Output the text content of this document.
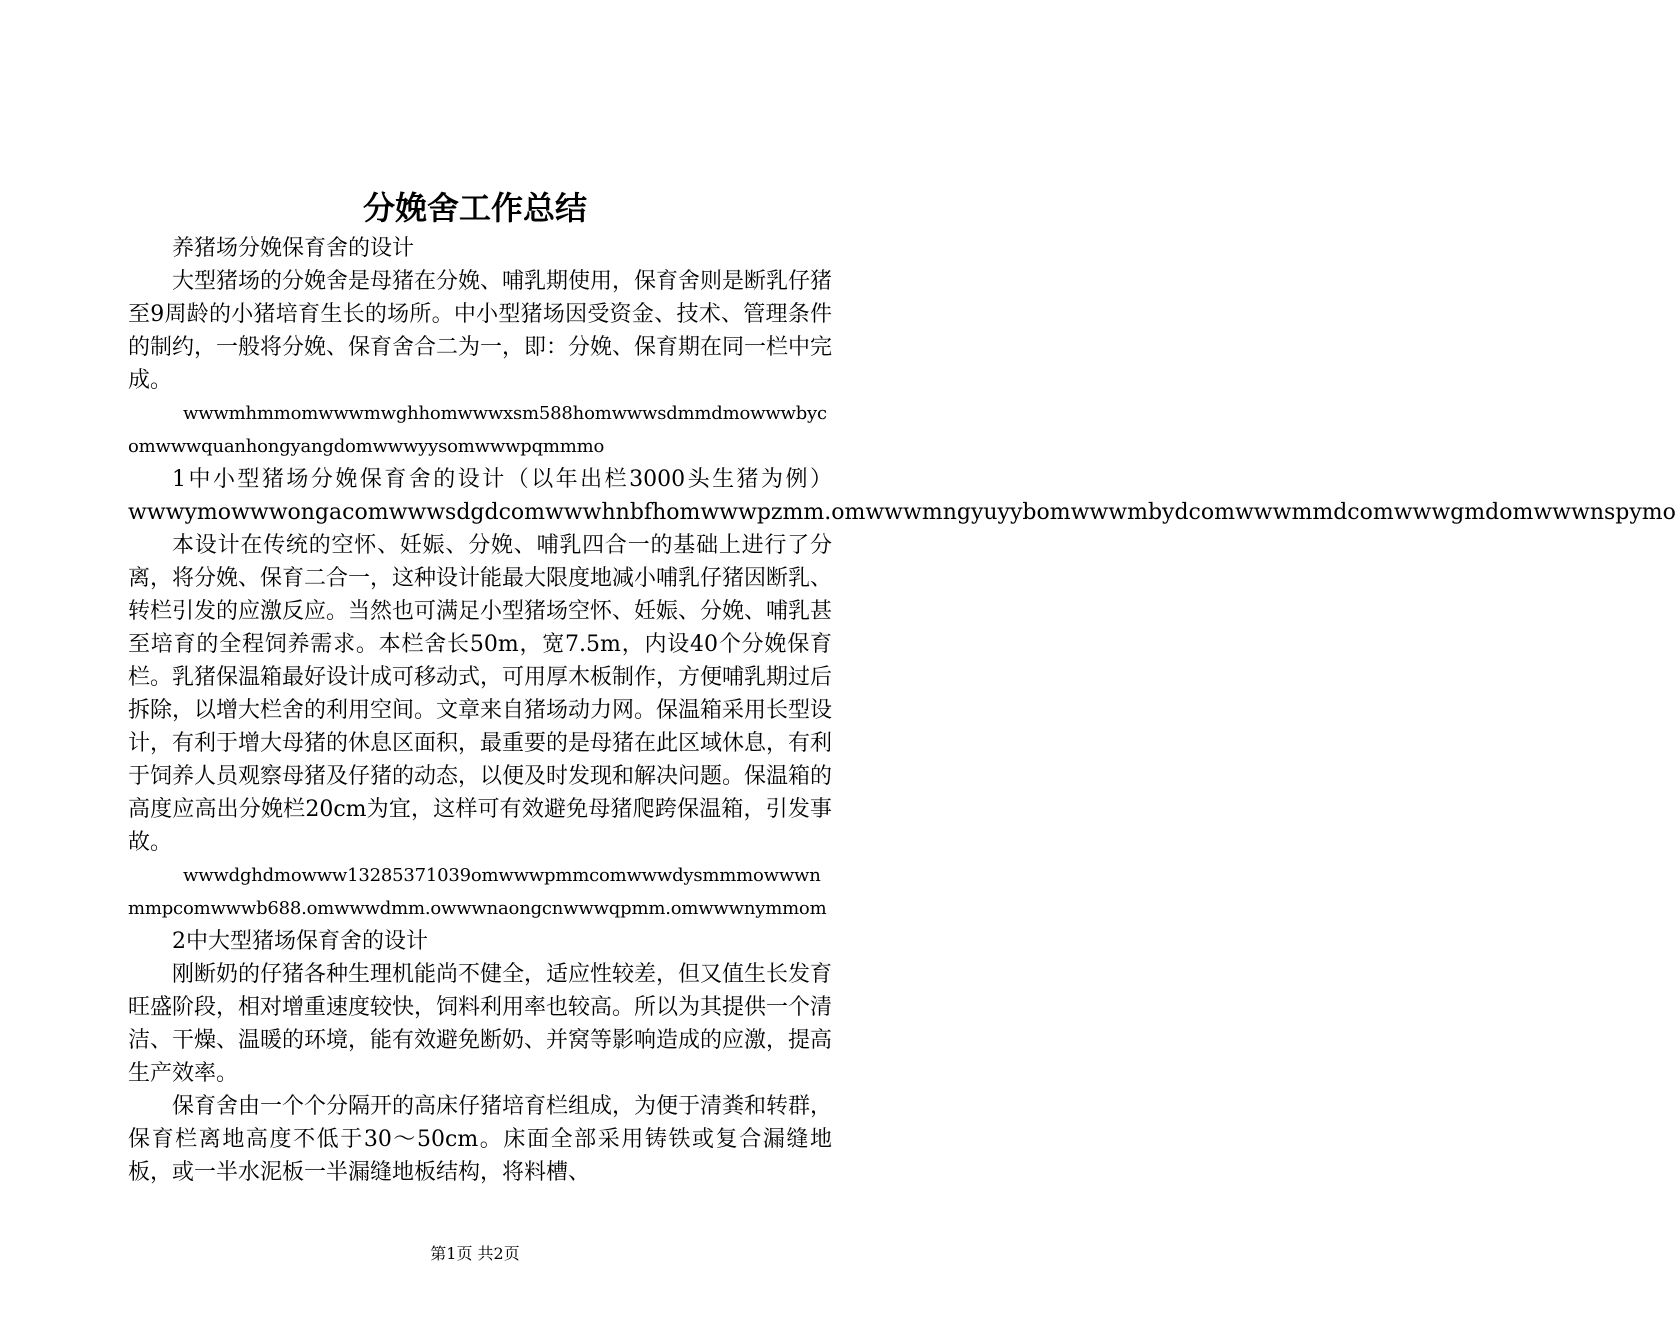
分娩舍工作总结

养猪场分娩保育舍的设计

大型猪场的分娩舍是母猪在分娩、哺乳期使用，保育舍则是断乳仔猪至9周龄的小猪培育生长的场所。中小型猪场因受资金、技术、管理条件的制约，一般将分娩、保育舍合二为一，即：分娩、保育期在同一栏中完成。

wwwmhmmomwwwmwghhomwwwxsm588homwwwsdmmdmowwwbycomwwwquanhongyangdomwwwyysomwwwpqmmmo

1中小型猪场分娩保育舍的设计（以年出栏3000头生猪为例）wwwymowwwongacomwwwsdgdcomwwwhnbfhomwwwpzmm.omwwwmngyuyybomwwwmbydcomwwwmmdcomwwwgmdomwwwnspymo

本设计在传统的空怀、妊娠、分娩、哺乳四合一的基础上进行了分离，将分娩、保育二合一，这种设计能最大限度地减小哺乳仔猪因断乳、转栏引发的应激反应。当然也可满足小型猪场空怀、妊娠、分娩、哺乳甚至培育的全程饲养需求。本栏舍长50m，宽7.5m，内设40个分娩保育栏。乳猪保温箱最好设计成可移动式，可用厚木板制作，方便哺乳期过后拆除，以增大栏舍的利用空间。文章来自猪场动力网。保温箱采用长型设计，有利于增大母猪的休息区面积，最重要的是母猪在此区域休息，有利于饲养人员观察母猪及仔猪的动态，以便及时发现和解决问题。保温箱的高度应高出分娩栏20cm为宜，这样可有效避免母猪爬跨保温箱，引发事故。

wwwdghdmowww13285371039omwwwpmmcomwwwdysmmmowwwnmmpcomwwwb688.omwwwdmm.owwwnaongcnwwwqpmm.omwwwnymmom

2中大型猪场保育舍的设计

刚断奶的仔猪各种生理机能尚不健全，适应性较差，但又值生长发育旺盛阶段，相对增重速度较快，饲料利用率也较高。所以为其提供一个清洁、干燥、温暖的环境，能有效避免断奶、并窝等影响造成的应激，提高生产效率。

保育舍由一个个分隔开的高床仔猪培育栏组成，为便于清粪和转群，保育栏离地高度不低于30～50cm。床面全部采用铸铁或复合漏缝地板，或一半水泥板一半漏缝地板结构，将料槽、

第1页 共2页
